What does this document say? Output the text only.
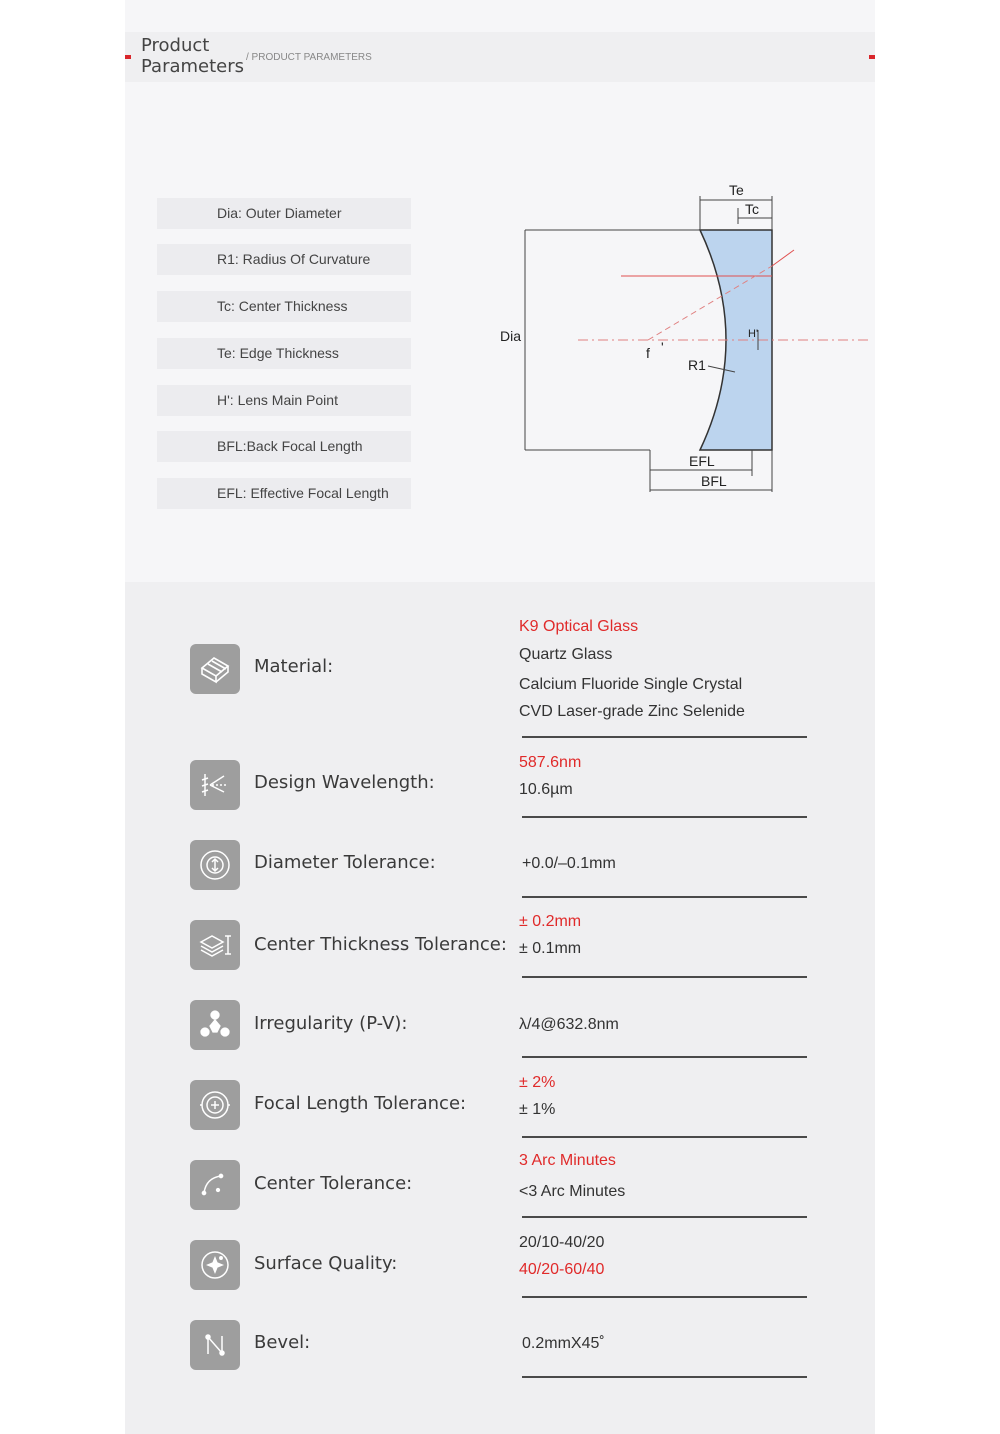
Product
Parameters / PRODUCT PARAMETERS
Dia: Outer Diameter
R1: Radius Of Curvature
Tc: Center Thickness
Te: Edge Thickness
H': Lens Main Point
BFL:Back Focal Length
EFL: Effective Focal Length
Dia
Te
Tc
H'
f '
R1
EFL
BFL
Material:
K9 Optical Glass
Quartz Glass
Calcium Fluoride Single Crystal
CVD Laser-grade Zinc Selenide
Design Wavelength:
587.6nm
10.6µm
Diameter Tolerance:	+0.0/–0.1mm
Center Thickness Tolerance:
± 0.2mm
± 0.1mm
Irregularity (P-V):	λ/4@632.8nm
Focal Length Tolerance:
± 2%
± 1%
Center Tolerance:
3 Arc Minutes
<3 Arc Minutes
Surface Quality:
20/10-40/20
40/20-60/40
Bevel:	0.2mmX45˚
